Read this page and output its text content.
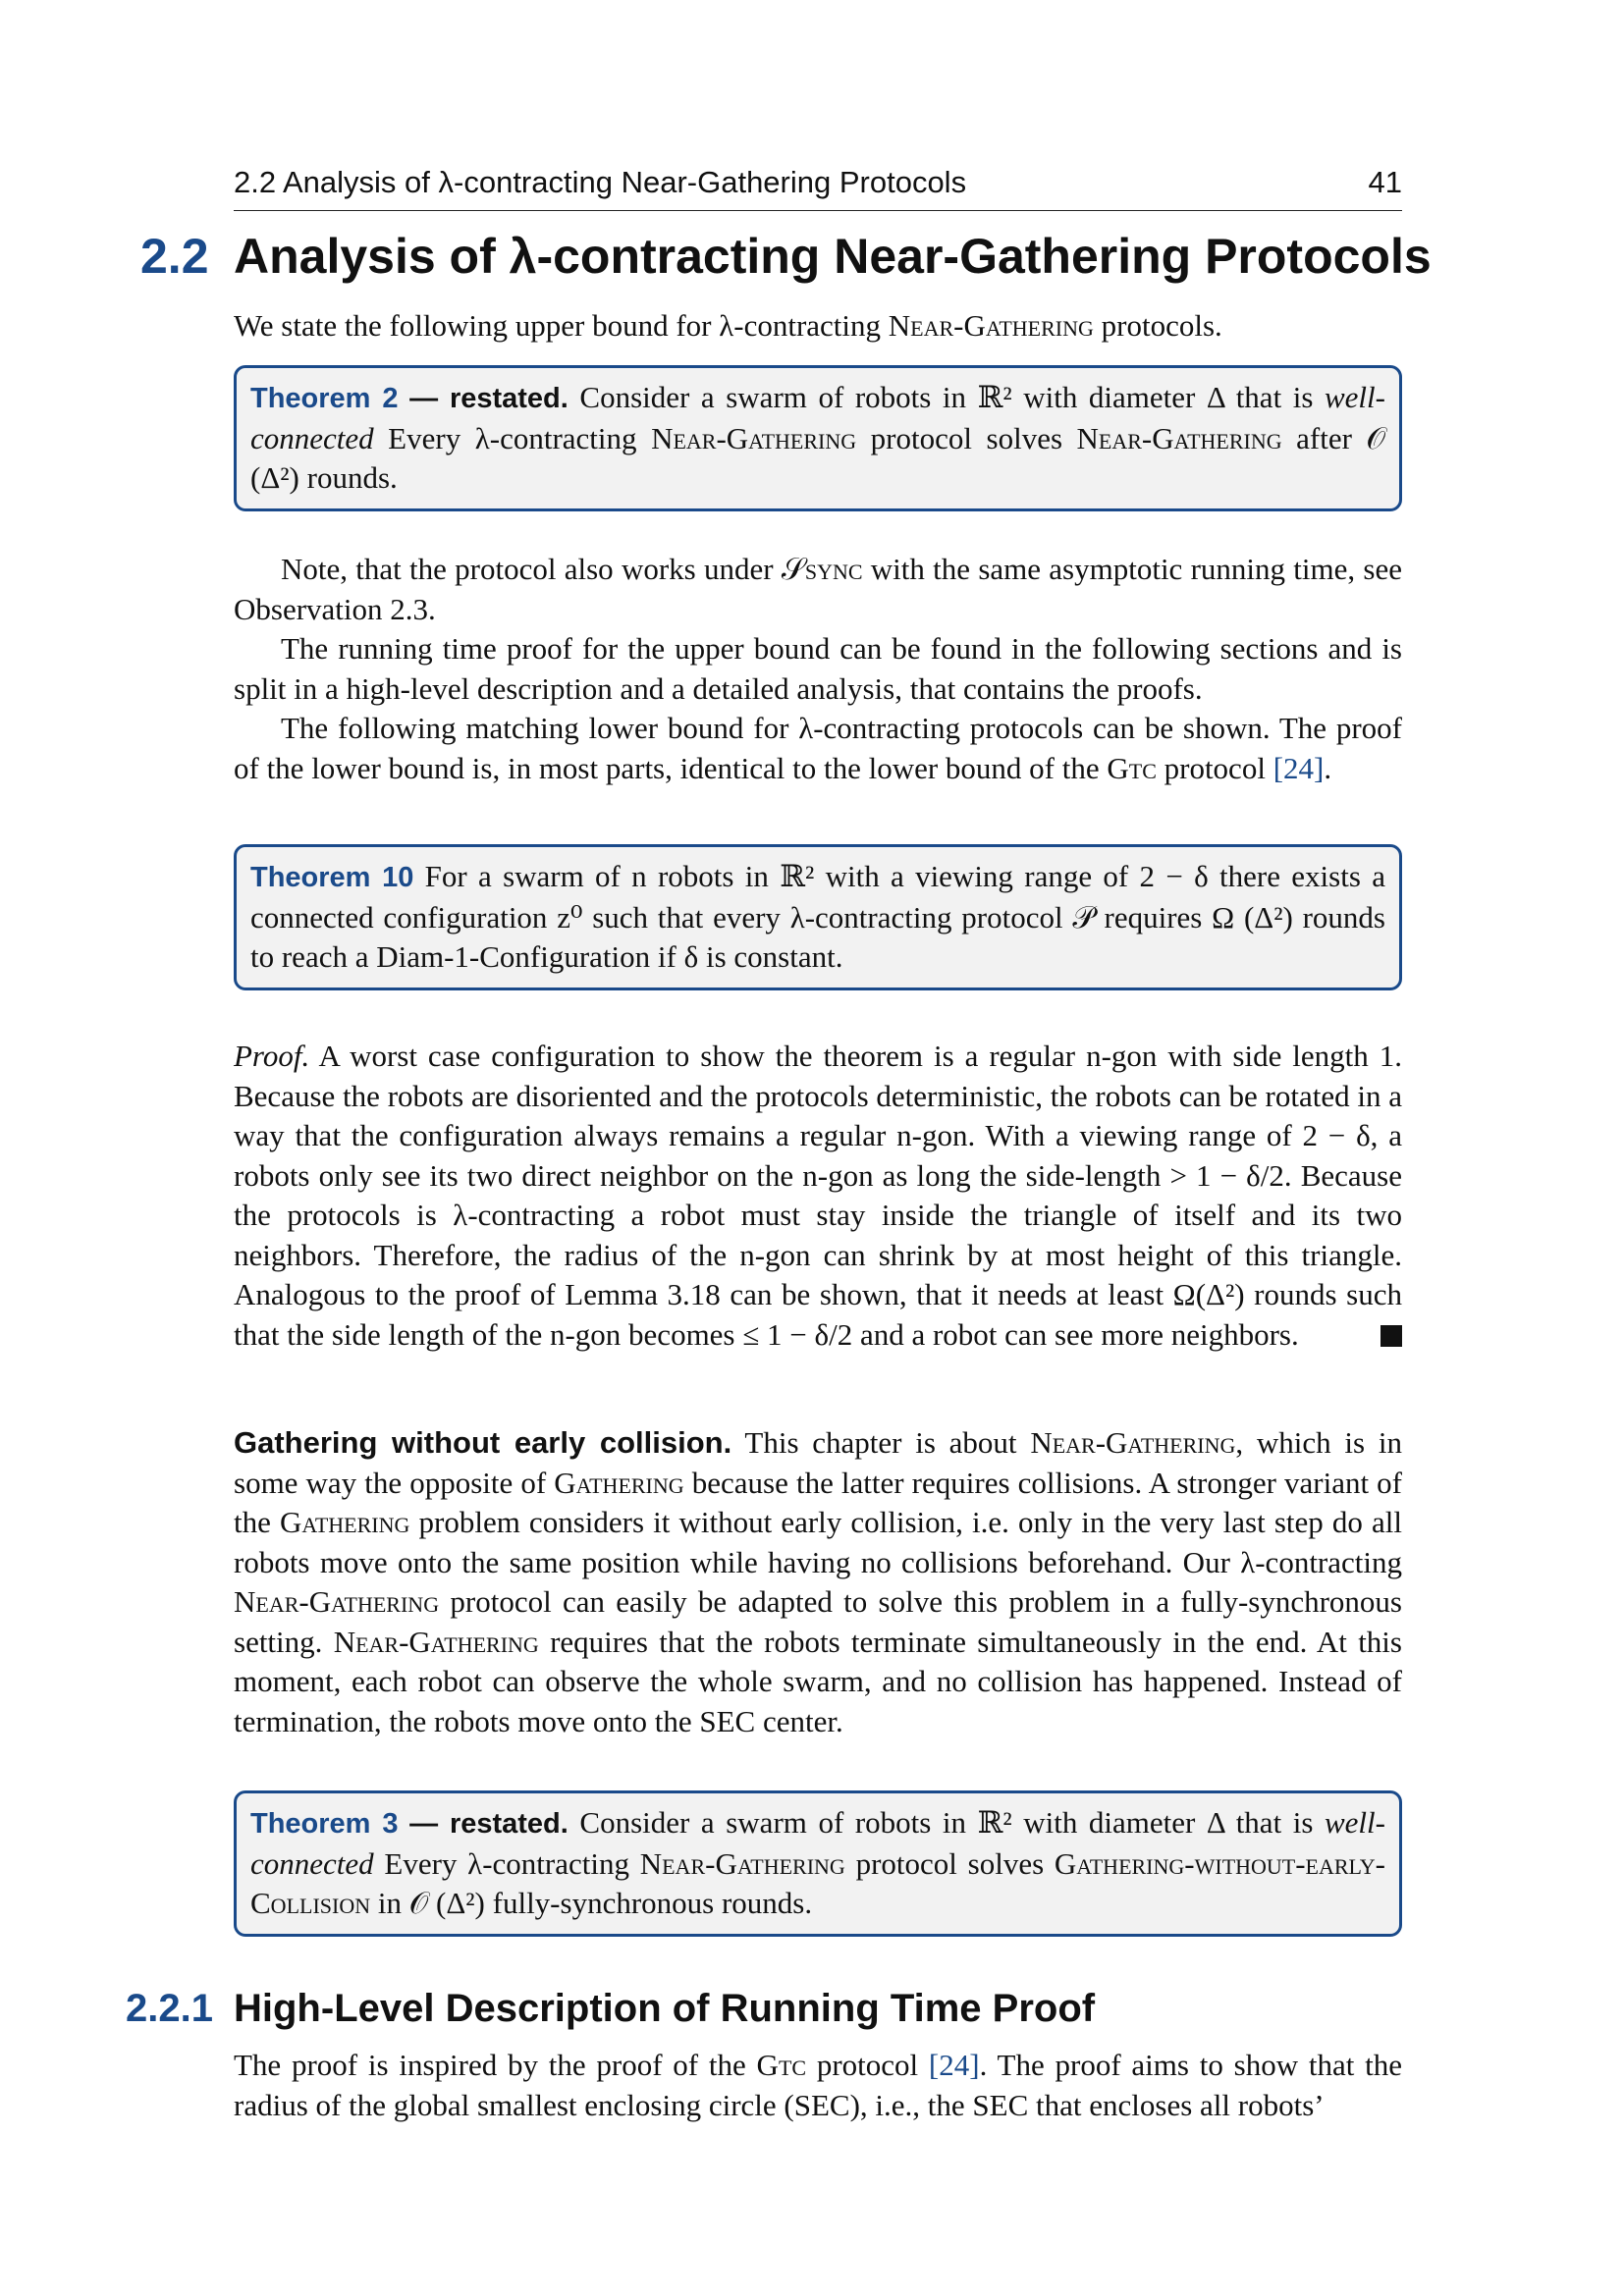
2.2 Analysis of λ-contracting Near-Gathering Protocols	41
2.2 Analysis of λ-contracting Near-Gathering Protocols

We state the following upper bound for λ-contracting Near-Gathering protocols.

Theorem 2 — restated. Consider a swarm of robots in ℝ² with diameter Δ that is well-connected Every λ-contracting Near-Gathering protocol solves Near-Gathering after 𝒪 (Δ²) rounds.

Note, that the protocol also works under 𝒮sync with the same asymptotic running time, see Observation 2.3.

The running time proof for the upper bound can be found in the following sections and is split in a high-level description and a detailed analysis, that contains the proofs.

The following matching lower bound for λ-contracting protocols can be shown. The proof of the lower bound is, in most parts, identical to the lower bound of the Gtc protocol [24].

Theorem 10 For a swarm of n robots in ℝ² with a viewing range of 2 − δ there exists a connected configuration z⁰ such that every λ-contracting protocol 𝒫 requires Ω (Δ²) rounds to reach a Diam-1-Configuration if δ is constant.

Proof. A worst case configuration to show the theorem is a regular n-gon with side length 1. Because the robots are disoriented and the protocols deterministic, the robots can be rotated in a way that the configuration always remains a regular n-gon. With a viewing range of 2 − δ, a robots only see its two direct neighbor on the n-gon as long the side-length > 1 − δ/2. Because the protocols is λ-contracting a robot must stay inside the triangle of itself and its two neighbors. Therefore, the radius of the n-gon can shrink by at most height of this triangle. Analogous to the proof of Lemma 3.18 can be shown, that it needs at least Ω(Δ²) rounds such that the side length of the n-gon becomes ≤ 1 − δ/2 and a robot can see more neighbors.

Gathering without early collision. This chapter is about Near-Gathering, which is in some way the opposite of Gathering because the latter requires collisions. A stronger variant of the Gathering problem considers it without early collision, i.e. only in the very last step do all robots move onto the same position while having no collisions beforehand. Our λ-contracting Near-Gathering protocol can easily be adapted to solve this problem in a fully-synchronous setting. Near-Gathering requires that the robots terminate simultaneously in the end. At this moment, each robot can observe the whole swarm, and no collision has happened. Instead of termination, the robots move onto the SEC center.

Theorem 3 — restated. Consider a swarm of robots in ℝ² with diameter Δ that is well-connected Every λ-contracting Near-Gathering protocol solves Gathering-without-early-Collision in 𝒪 (Δ²) fully-synchronous rounds.
2.2.1 High-Level Description of Running Time Proof

The proof is inspired by the proof of the Gtc protocol [24]. The proof aims to show that the radius of the global smallest enclosing circle (SEC), i.e., the SEC that encloses all robots’
